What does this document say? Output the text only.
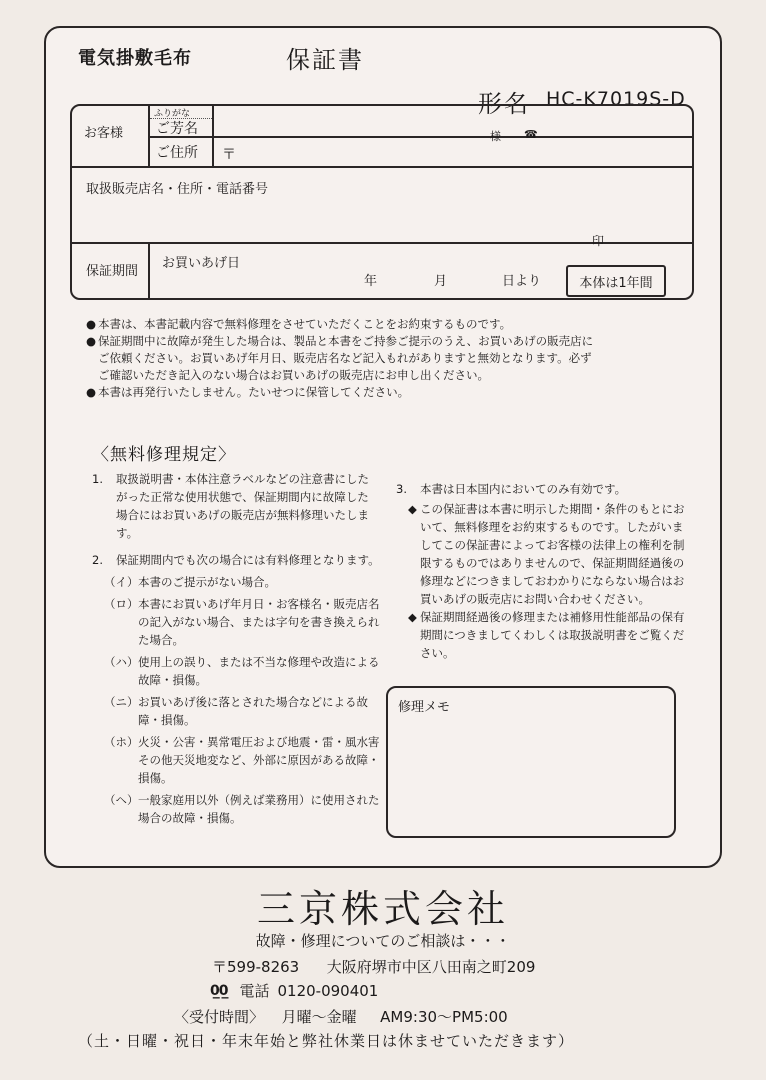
電気掛敷毛布	保証書
形名 HC-K7019S-D
お客様
ふりがな
ご芳名	様 ☎
ご住所 〒
取扱販売店名・住所・電話番号
印
保証期間
お買いあげ日
年	月	日より	本体は1年間
● 本書は、本書記載内容で無料修理をさせていただくことをお約束するものです。
● 保証期間中に故障が発生した場合は、製品と本書をご持参ご提示のうえ、お買いあげの販売店に
ご依頼ください。お買いあげ年月日、販売店名など記入もれがありますと無効となります。必ず
ご確認いただき記入のない場合はお買いあげの販売店にお申し出ください。
● 本書は再発行いたしません。たいせつに保管してください。
〈無料修理規定〉
1.	取扱説明書・本体注意ラベルなどの注意書にしたがった正常な使用状態で、保証期間内に故障した場合にはお買いあげの販売店が無料修理いたします。
2.	保証期間内でも次の場合には有料修理となります。
（イ） 本書のご提示がない場合。
（ロ） 本書にお買いあげ年月日・お客様名・販売店名の記入がない場合、または字句を書き換えられた場合。
（ハ） 使用上の誤り、または不当な修理や改造による故障・損傷。
（ニ） お買いあげ後に落とされた場合などによる故障・損傷。
（ホ） 火災・公害・異常電圧および地震・雷・風水害その他天災地変など、外部に原因がある故障・損傷。
（ヘ） 一般家庭用以外（例えば業務用）に使用された場合の故障・損傷。
3.	本書は日本国内においてのみ有効です。
◆ この保証書は本書に明示した期間・条件のもとにおいて、無料修理をお約束するものです。したがいましてこの保証書によってお客様の法律上の権利を制限するものではありませんので、保証期間経過後の修理などにつきましておわかりにならない場合はお買いあげの販売店にお問い合わせください。
◆ 保証期間経過後の修理または補修用性能部品の保有期間につきましてくわしくは取扱説明書をご覧ください。
修理メモ
三京株式会社
故障・修理についてのご相談は・・・
〒599-8263 大阪府堺市中区八田南之町209
0̲0̲ 電話 0120-090401
〈受付時間〉 月曜～金曜 AM9:30～PM5:00
（土・日曜・祝日・年末年始と弊社休業日は休ませていただきます）
